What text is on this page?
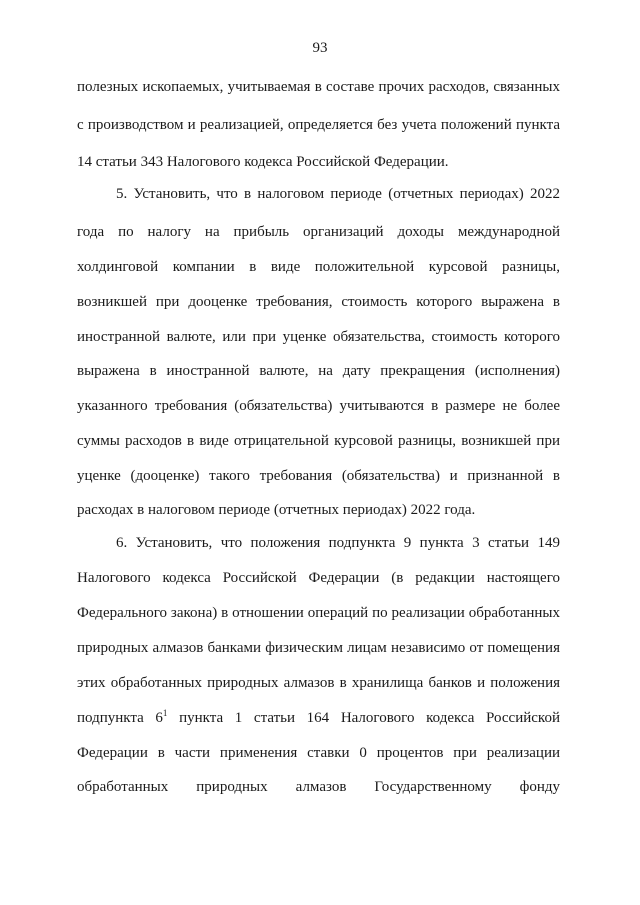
93
полезных ископаемых, учитываемая в составе прочих расходов, связанных
с производством и реализацией, определяется без учета положений пункта
14 статьи 343 Налогового кодекса Российской Федерации.
5. Установить, что в налоговом периоде (отчетных периодах) 2022
года по налогу на прибыль организаций доходы международной
холдинговой компании в виде положительной курсовой разницы,
возникшей при дооценке требования, стоимость которого выражена в
иностранной валюте, или при уценке обязательства, стоимость которого
выражена в иностранной валюте, на дату прекращения (исполнения)
указанного требования (обязательства) учитываются в размере не более
суммы расходов в виде отрицательной курсовой разницы, возникшей при
уценке (дооценке) такого требования (обязательства) и признанной в
расходах в налоговом периоде (отчетных периодах) 2022 года.
6. Установить, что положения подпункта 9 пункта 3 статьи 149
Налогового кодекса Российской Федерации (в редакции настоящего
Федерального закона) в отношении операций по реализации обработанных
природных алмазов банками физическим лицам независимо от помещения
этих обработанных природных алмазов в хранилища банков и положения
подпункта $6^1$ пункта 1 статьи 164 Налогового кодекса Российской
Федерации в части применения ставки 0 процентов при реализации
обработанных природных алмазов Государственному фонду
